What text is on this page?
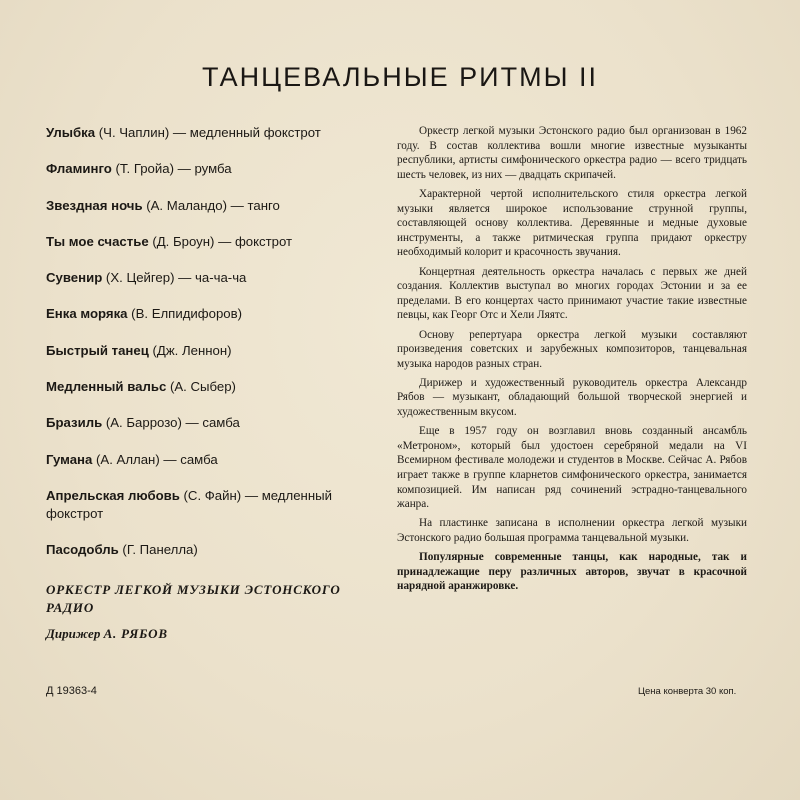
ТАНЦЕВАЛЬНЫЕ РИТМЫ II
Улыбка (Ч. Чаплин) — медленный фокстрот
Фламинго (Т. Гройа) — румба
Звездная ночь (А. Маландо) — танго
Ты мое счастье (Д. Броун) — фокстрот
Сувенир (Х. Цейгер) — ча-ча-ча
Енка моряка (В. Елпидифоров)
Быстрый танец (Дж. Леннон)
Медленный вальс (А. Сыбер)
Бразиль (А. Баррозо) — самба
Гумана (А. Аллан) — самба
Апрельская любовь (С. Файн) — медленный фокстрот
Пасодобль (Г. Панелла)
ОРКЕСТР ЛЕГКОЙ МУЗЫКИ ЭСТОНСКОГО РАДИО
Дирижер А. РЯБОВ
Д 19363-4	Цена конверта 30 коп.

Оркестр легкой музыки Эстонского радио был организован в 1962 году. В состав коллектива вошли многие известные музыканты республики, артисты симфонического оркестра радио — всего тридцать шесть человек, из них — двадцать скрипачей.

Характерной чертой исполнительского стиля оркестра легкой музыки является широкое использование струнной группы, составляющей основу коллектива. Деревянные и медные духовые инструменты, а также ритмическая группа придают оркестру необходимый колорит и красочность звучания.

Концертная деятельность оркестра началась с первых же дней создания. Коллектив выступал во многих городах Эстонии и за ее пределами. В его концертах часто принимают участие такие известные певцы, как Георг Отс и Хели Ляятс.

Основу репертуара оркестра легкой музыки составляют произведения советских и зарубежных композиторов, танцевальная музыка народов разных стран.

Дирижер и художественный руководитель оркестра Александр Рябов — музыкант, обладающий большой творческой энергией и художественным вкусом.

Еще в 1957 году он возглавил вновь созданный ансамбль «Метроном», который был удостоен серебряной медали на VI Всемирном фестивале молодежи и студентов в Москве. Сейчас А. Рябов играет также в группе кларнетов симфонического оркестра, занимается композицией. Им написан ряд сочинений эстрадно-танцевального жанра.

На пластинке записана в исполнении оркестра легкой музыки Эстонского радио большая программа танцевальной музыки.

Популярные современные танцы, как народные, так и принадлежащие перу различных авторов, звучат в красочной нарядной аранжировке.
